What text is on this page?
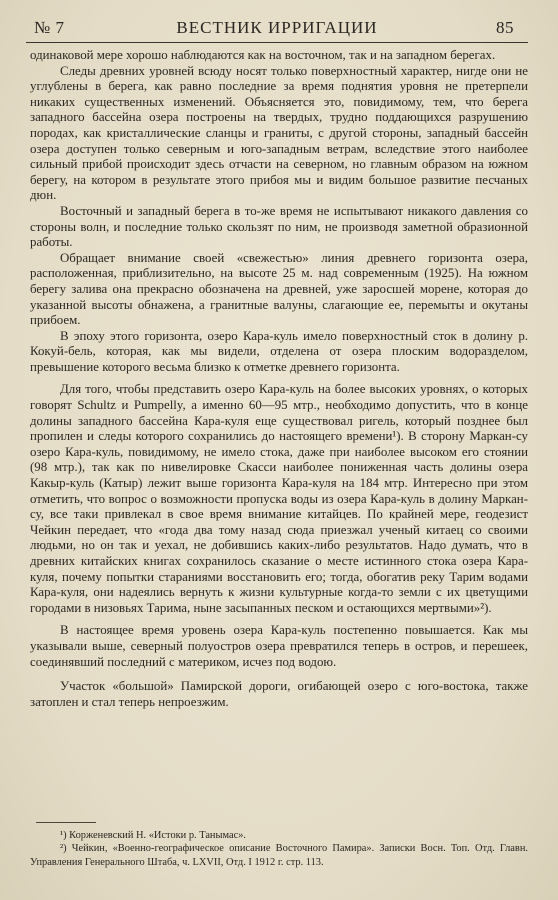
№ 7	ВЕСТНИК ИРРИГАЦИИ	85

одинаковой мере хорошо наблюдаются как на восточном, так и на западном берегах.

Следы древних уровней всюду носят только поверхностный характер, нигде они не углублены в берега, как равно последние за время поднятия уровня не претерпели никаких существенных изменений. Объясняется это, повидимому, тем, что берега западного бассейна озера построены на твердых, трудно поддающихся разрушению породах, как кристаллические сланцы и граниты, с другой стороны, западный бассейн озера доступен только северным и юго-западным ветрам, вследствие этого наиболее сильный прибой происходит здесь отчасти на северном, но главным образом на южном берегу, на котором в результате этого прибоя мы и видим большое развитие песчаных дюн.

Восточный и западный берега в то-же время не испытывают никакого давления со стороны волн, и последние только скользят по ним, не производя заметной образионной работы.

Обращает внимание своей «свежестью» линия древнего горизонта озера, расположенная, приблизительно, на высоте 25 м. над современным (1925). На южном берегу залива она прекрасно обозначена на древней, уже заросшей морене, которая до указанной высоты обнажена, а гранитные валуны, слагающие ее, перемыты и окутаны прибоем.

В эпоху этого горизонта, озеро Кара-куль имело поверхностный сток в долину р. Кокуй-бель, которая, как мы видели, отделена от озера плоским водоразделом, превышение которого весьма близко к отметке древнего горизонта.

Для того, чтобы представить озеро Кара-куль на более высоких уровнях, о которых говорят Schultz и Pumpelly, а именно 60—95 мтр., необходимо допустить, что в конце долины западного бассейна Кара-куля еще существовал ригель, который позднее был пропилен и следы которого сохранились до настоящего времени¹). В сторону Маркан-су озеро Кара-куль, повидимому, не имело стока, даже при наиболее высоком его стоянии (98 мтр.), так как по нивелировке Скасси наиболее пониженная часть долины озера Какыр-куль (Катыр) лежит выше горизонта Кара-куля на 184 мтр. Интересно при этом отметить, что вопрос о возможности пропуска воды из озера Кара-куль в долину Маркан-су, все таки привлекал в свое время внимание китайцев. По крайней мере, геодезист Чейкин передает, что «года два тому назад сюда приезжал ученый китаец со своими людьми, но он так и уехал, не добившись каких-либо результатов. Надо думать, что в древних китайских книгах сохранилось сказание о месте истинного стока озера Кара-куля, почему попытки стараниями восстановить его; тогда, обогатив реку Тарим водами Кара-куля, они надеялись вернуть к жизни культурные когда-то земли с их цветущими городами в низовьях Тарима, ныне засыпанных песком и остающихся мертвыми»²).

В настоящее время уровень озера Кара-куль постепенно повышается. Как мы указывали выше, северный полуостров озера превратился теперь в остров, и перешеек, соединявший последний с материком, исчез под водою.

Участок «большой» Памирской дороги, огибающей озеро с юго-востока, также затоплен и стал теперь непроезжим.

¹) Корженевский Н. «Истоки р. Танымас».

²) Чейкин, «Военно-географическое описание Восточного Памира». Записки Восн. Топ. Отд. Главн. Управления Генерального Штаба, ч. LXVII, Отд. I 1912 г. стр. 113.
